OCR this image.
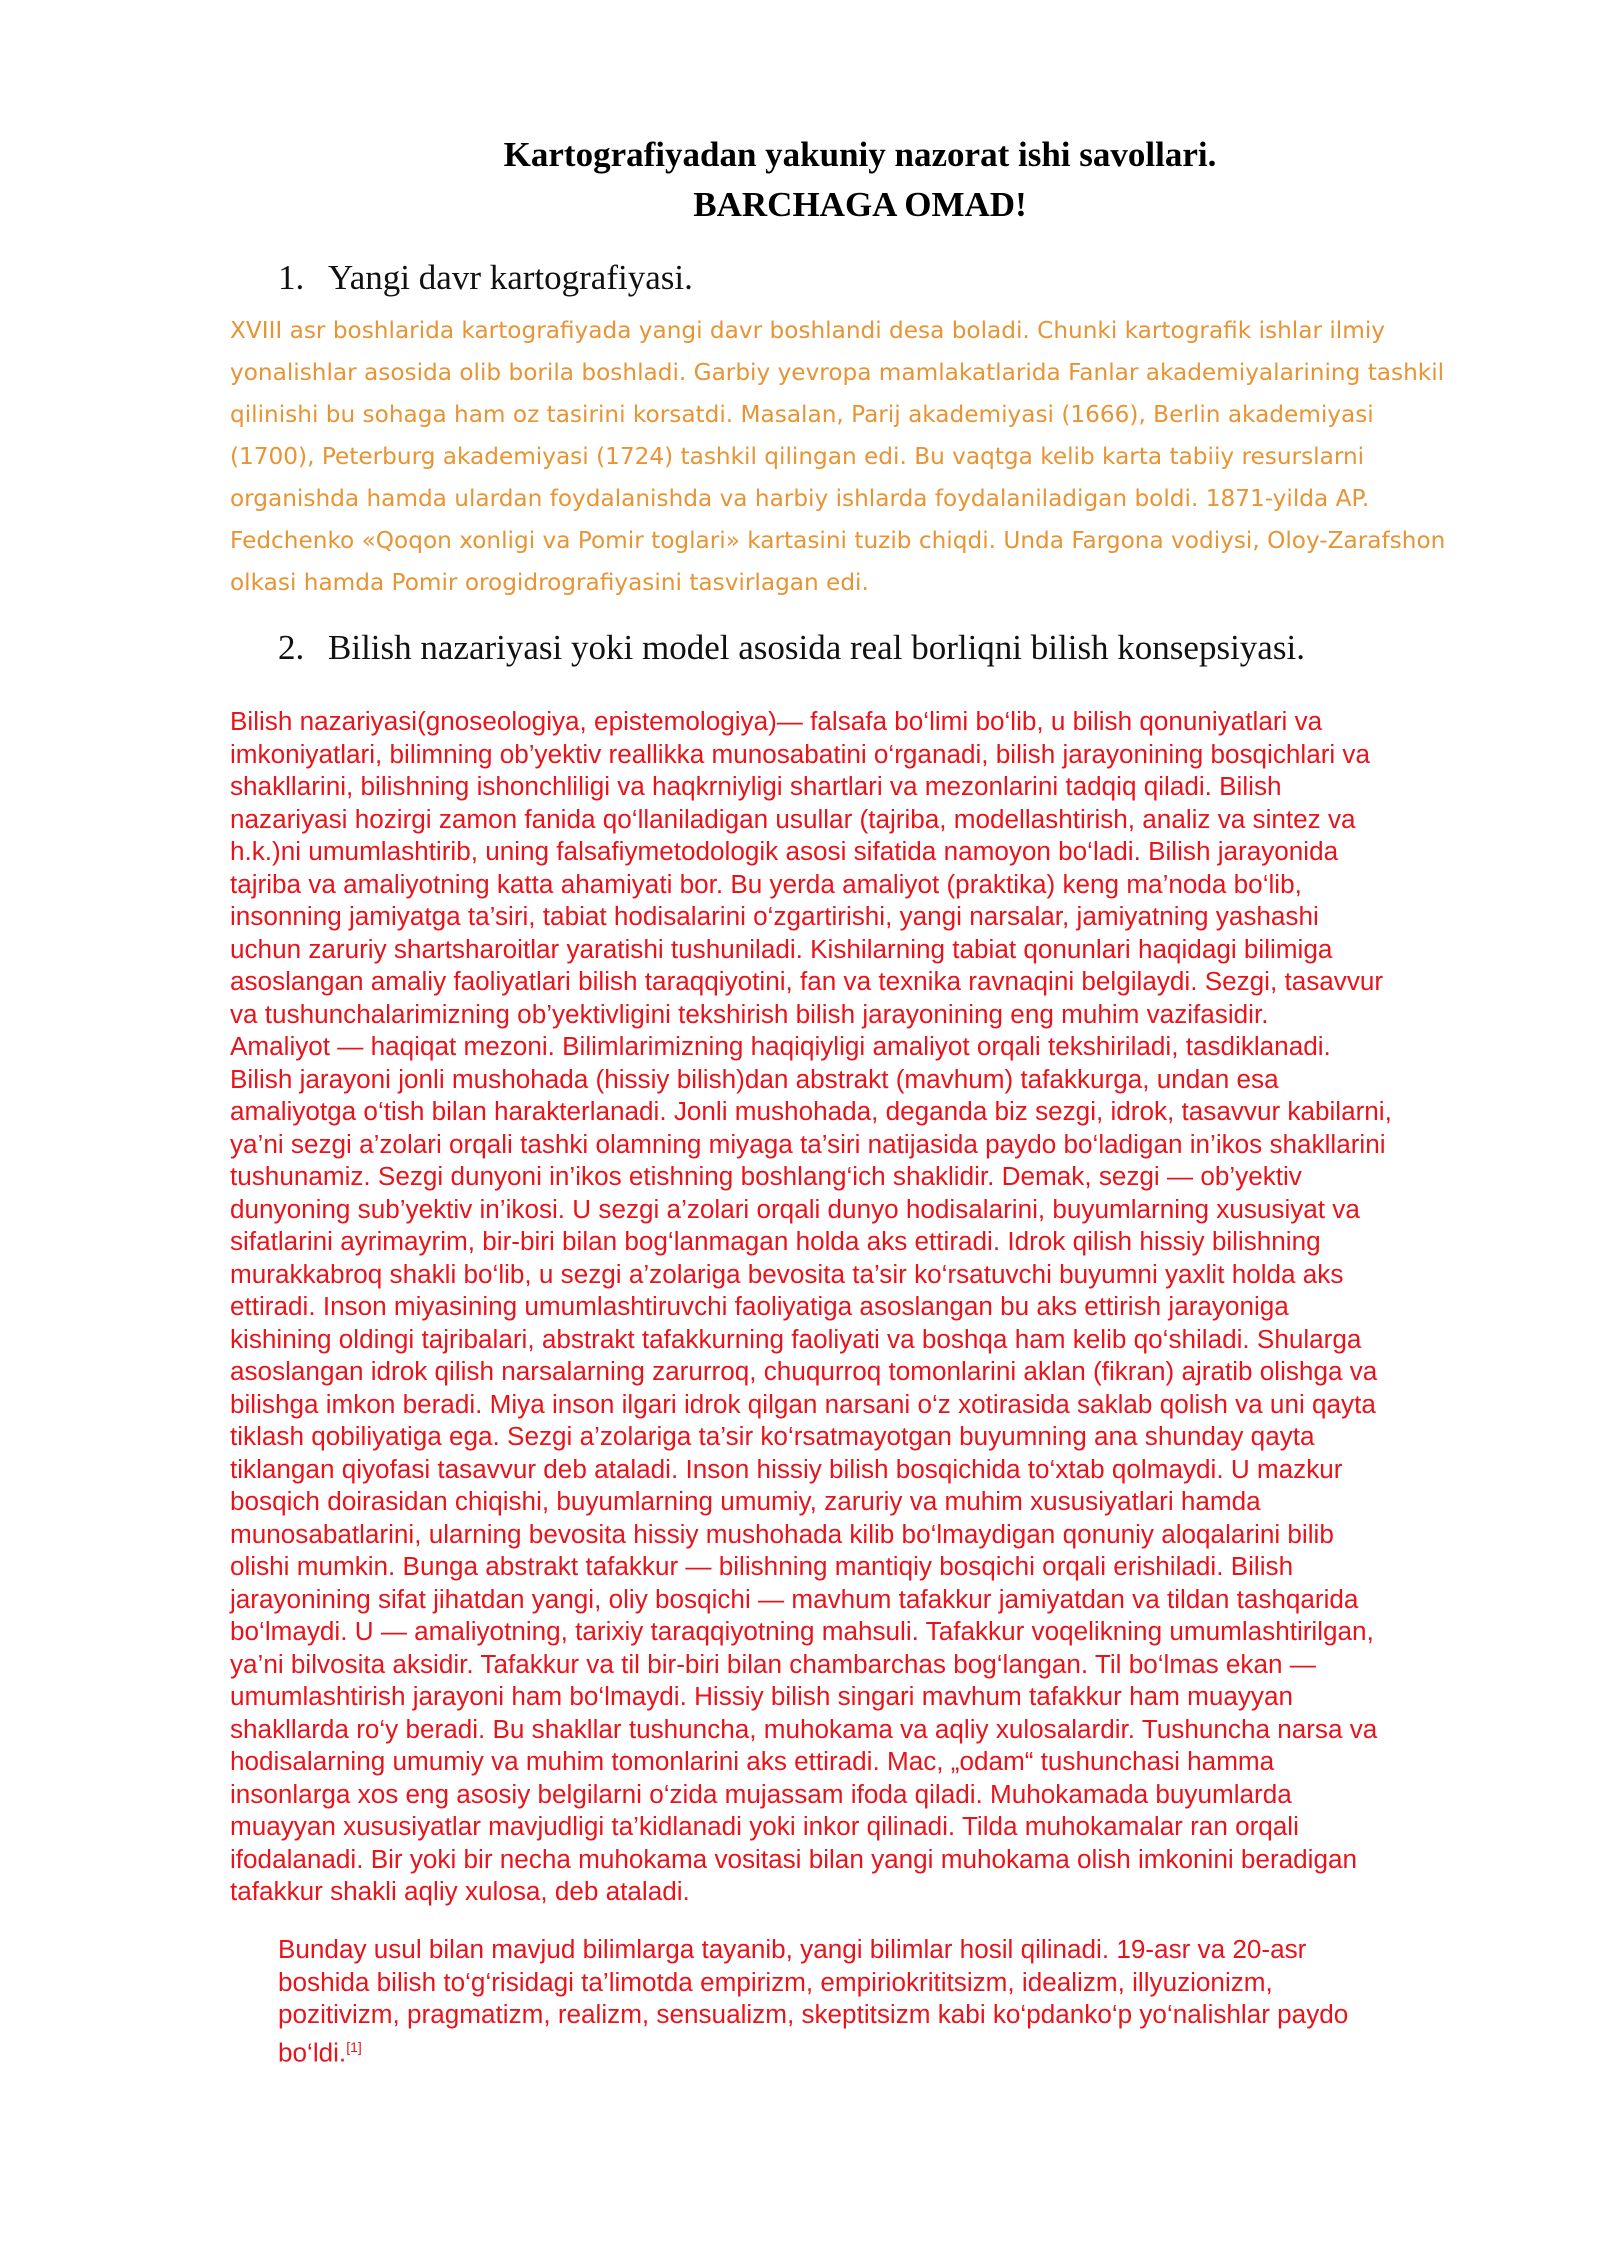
Kartografiyadan yakuniy nazorat ishi savollari.
BARCHAGA OMAD!
1. Yangi davr kartografiyasi.
XVIII asr boshlarida kartografiyada yangi davr boshlandi desa boladi. Chunki kartografik ishlar ilmiy
yonalishlar asosida olib borila boshladi. Garbiy yevropa mamlakatlarida Fanlar akademiyalarining tashkil
qilinishi bu sohaga ham oz tasirini korsatdi. Masalan, Parij akademiyasi (1666), Berlin akademiyasi
(1700), Peterburg akademiyasi (1724) tashkil qilingan edi. Bu vaqtga kelib karta tabiiy resurslarni
organishda hamda ulardan foydalanishda va harbiy ishlarda foydalaniladigan boldi. 1871-yilda AP.
Fedchenko «Qoqon xonligi va Pomir toglari» kartasini tuzib chiqdi. Unda Fargona vodiysi, Oloy-Zarafshon
olkasi hamda Pomir orogidrografiyasini tasvirlagan edi.
2. Bilish nazariyasi yoki model asosida real borliqni bilish konsepsiyasi.
Bilish nazariyasi(gnoseologiya, epistemologiya)— falsafa bo‘limi bo‘lib, u bilish qonuniyatlari va
imkoniyatlari, bilimning ob’yektiv reallikka munosabatini o‘rganadi, bilish jarayonining bosqichlari va
shakllarini, bilishning ishonchliligi va haqkrniyligi shartlari va mezonlarini tadqiq qiladi. Bilish
nazariyasi hozirgi zamon fanida qo‘llaniladigan usullar (tajriba, modellashtirish, analiz va sintez va
h.k.)ni umumlashtirib, uning falsafiymetodologik asosi sifatida namoyon bo‘ladi. Bilish jarayonida
tajriba va amaliyotning katta ahamiyati bor. Bu yerda amaliyot (praktika) keng ma’noda bo‘lib,
insonning jamiyatga ta’siri, tabiat hodisalarini o‘zgartirishi, yangi narsalar, jamiyatning yashashi
uchun zaruriy shartsharoitlar yaratishi tushuniladi. Kishilarning tabiat qonunlari haqidagi bilimiga
asoslangan amaliy faoliyatlari bilish taraqqiyotini, fan va texnika ravnaqini belgilaydi. Sezgi, tasavvur
va tushunchalarimizning ob’yektivligini tekshirish bilish jarayonining eng muhim vazifasidir.
Amaliyot — haqiqat mezoni. Bilimlarimizning haqiqiyligi amaliyot orqali tekshiriladi, tasdiklanadi.
Bilish jarayoni jonli mushohada (hissiy bilish)dan abstrakt (mavhum) tafakkurga, undan esa
amaliyotga o‘tish bilan harakterlanadi. Jonli mushohada, deganda biz sezgi, idrok, tasavvur kabilarni,
ya’ni sezgi a’zolari orqali tashki olamning miyaga ta’siri natijasida paydo bo‘ladigan in’ikos shakllarini
tushunamiz. Sezgi dunyoni in’ikos etishning boshlang‘ich shaklidir. Demak, sezgi — ob’yektiv
dunyoning sub’yektiv in’ikosi. U sezgi a’zolari orqali dunyo hodisalarini, buyumlarning xususiyat va
sifatlarini ayrimayrim, bir-biri bilan bog‘lanmagan holda aks ettiradi. Idrok qilish hissiy bilishning
murakkabroq shakli bo‘lib, u sezgi a’zolariga bevosita ta’sir ko‘rsatuvchi buyumni yaxlit holda aks
ettiradi. Inson miyasining umumlashtiruvchi faoliyatiga asoslangan bu aks ettirish jarayoniga
kishining oldingi tajribalari, abstrakt tafakkurning faoliyati va boshqa ham kelib qo‘shiladi. Shularga
asoslangan idrok qilish narsalarning zarurroq, chuqurroq tomonlarini aklan (fikran) ajratib olishga va
bilishga imkon beradi. Miya inson ilgari idrok qilgan narsani o‘z xotirasida saklab qolish va uni qayta
tiklash qobiliyatiga ega. Sezgi a’zolariga ta’sir ko‘rsatmayotgan buyumning ana shunday qayta
tiklangan qiyofasi tasavvur deb ataladi. Inson hissiy bilish bosqichida to‘xtab qolmaydi. U mazkur
bosqich doirasidan chiqishi, buyumlarning umumiy, zaruriy va muhim xususiyatlari hamda
munosabatlarini, ularning bevosita hissiy mushohada kilib bo‘lmaydigan qonuniy aloqalarini bilib
olishi mumkin. Bunga abstrakt tafakkur — bilishning mantiqiy bosqichi orqali erishiladi. Bilish
jarayonining sifat jihatdan yangi, oliy bosqichi — mavhum tafakkur jamiyatdan va tildan tashqarida
bo‘lmaydi. U — amaliyotning, tarixiy taraqqiyotning mahsuli. Tafakkur voqelikning umumlashtirilgan,
ya’ni bilvosita aksidir. Tafakkur va til bir-biri bilan chambarchas bog‘langan. Til bo‘lmas ekan —
umumlashtirish jarayoni ham bo‘lmaydi. Hissiy bilish singari mavhum tafakkur ham muayyan
shakllarda ro‘y beradi. Bu shakllar tushuncha, muhokama va aqliy xulosalardir. Tushuncha narsa va
hodisalarning umumiy va muhim tomonlarini aks ettiradi. Mac, „odam“ tushunchasi hamma
insonlarga xos eng asosiy belgilarni o‘zida mujassam ifoda qiladi. Muhokamada buyumlarda
muayyan xususiyatlar mavjudligi ta’kidlanadi yoki inkor qilinadi. Tilda muhokamalar ran orqali
ifodalanadi. Bir yoki bir necha muhokama vositasi bilan yangi muhokama olish imkonini beradigan
tafakkur shakli aqliy xulosa, deb ataladi.
Bunday usul bilan mavjud bilimlarga tayanib, yangi bilimlar hosil qilinadi. 19-asr va 20-asr
boshida bilish to‘g‘risidagi ta’limotda empirizm, empiriokrititsizm, idealizm, illyuzionizm,
pozitivizm, pragmatizm, realizm, sensualizm, skeptitsizm kabi ko‘pdanko‘p yo‘nalishlar paydo
bo‘ldi.[1]
